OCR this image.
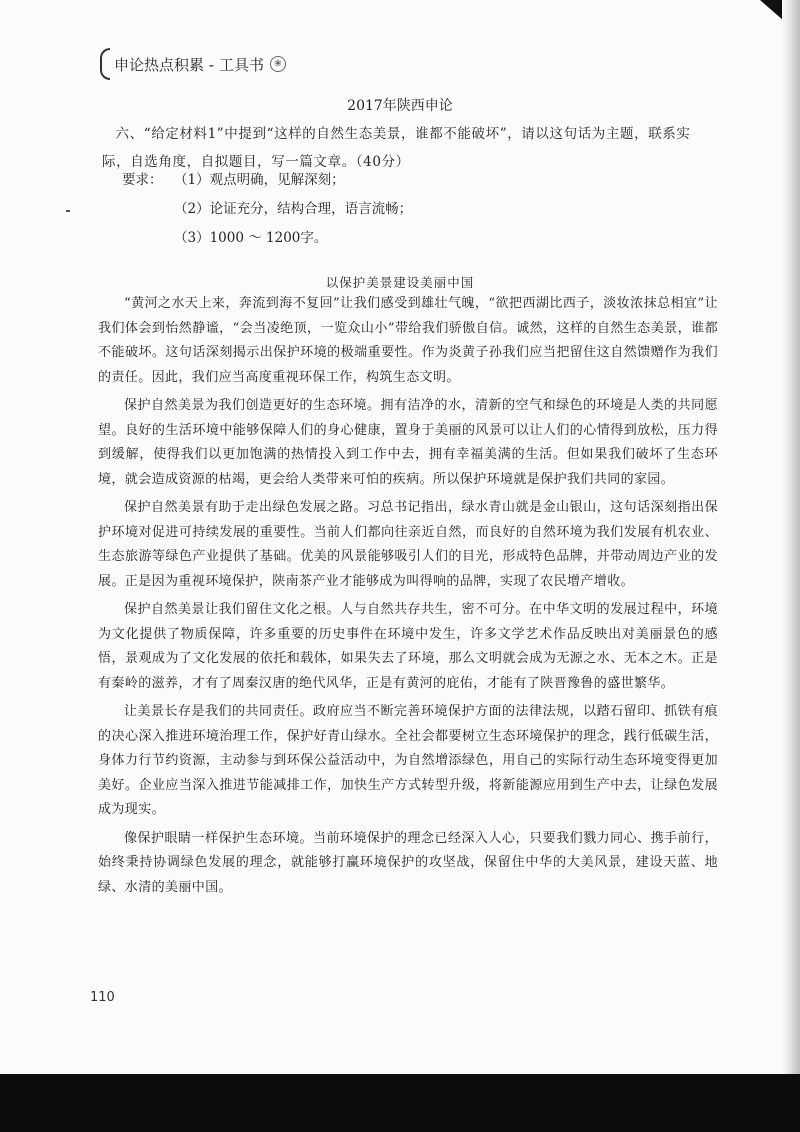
申论热点积累 - 工具书	❀
2017年陕西申论

六、“给定材料1”中提到“这样的自然生态美景，谁都不能破坏”，请以这句话为主题，联系实际，自选角度，自拟题目，写一篇文章。（40分）

要求： （1）观点明确，见解深刻；
（2）论证充分，结构合理，语言流畅；
（3）1000 ～ 1200字。
以保护美景建设美丽中国

“黄河之水天上来，奔流到海不复回”让我们感受到雄壮气魄，“欲把西湖比西子，淡妆浓抹总相宜”让我们体会到怡然静谧，“会当凌绝顶，一览众山小”带给我们骄傲自信。诚然，这样的自然生态美景，谁都不能破坏。这句话深刻揭示出保护环境的极端重要性。作为炎黄子孙我们应当把留住这自然馈赠作为我们的责任。因此，我们应当高度重视环保工作，构筑生态文明。

保护自然美景为我们创造更好的生态环境。拥有洁净的水，清新的空气和绿色的环境是人类的共同愿望。良好的生活环境中能够保障人们的身心健康，置身于美丽的风景可以让人们的心情得到放松，压力得到缓解，使得我们以更加饱满的热情投入到工作中去，拥有幸福美满的生活。但如果我们破坏了生态环境，就会造成资源的枯竭，更会给人类带来可怕的疾病。所以保护环境就是保护我们共同的家园。

保护自然美景有助于走出绿色发展之路。习总书记指出，绿水青山就是金山银山，这句话深刻指出保护环境对促进可持续发展的重要性。当前人们都向往亲近自然，而良好的自然环境为我们发展有机农业、生态旅游等绿色产业提供了基础。优美的风景能够吸引人们的目光，形成特色品牌，并带动周边产业的发展。正是因为重视环境保护，陕南茶产业才能够成为叫得响的品牌，实现了农民增产增收。

保护自然美景让我们留住文化之根。人与自然共存共生，密不可分。在中华文明的发展过程中，环境为文化提供了物质保障，许多重要的历史事件在环境中发生，许多文学艺术作品反映出对美丽景色的感悟，景观成为了文化发展的依托和载体，如果失去了环境，那么文明就会成为无源之水、无本之木。正是有秦岭的滋养，才有了周秦汉唐的绝代风华，正是有黄河的庇佑，才能有了陕晋豫鲁的盛世繁华。

让美景长存是我们的共同责任。政府应当不断完善环境保护方面的法律法规，以踏石留印、抓铁有痕的决心深入推进环境治理工作，保护好青山绿水。全社会都要树立生态环境保护的理念，践行低碳生活，身体力行节约资源，主动参与到环保公益活动中，为自然增添绿色，用自己的实际行动生态环境变得更加美好。企业应当深入推进节能减排工作，加快生产方式转型升级，将新能源应用到生产中去，让绿色发展成为现实。

像保护眼睛一样保护生态环境。当前环境保护的理念已经深入人心，只要我们戮力同心、携手前行，始终秉持协调绿色发展的理念，就能够打赢环境保护的攻坚战，保留住中华的大美风景，建设天蓝、地绿、水清的美丽中国。

110
